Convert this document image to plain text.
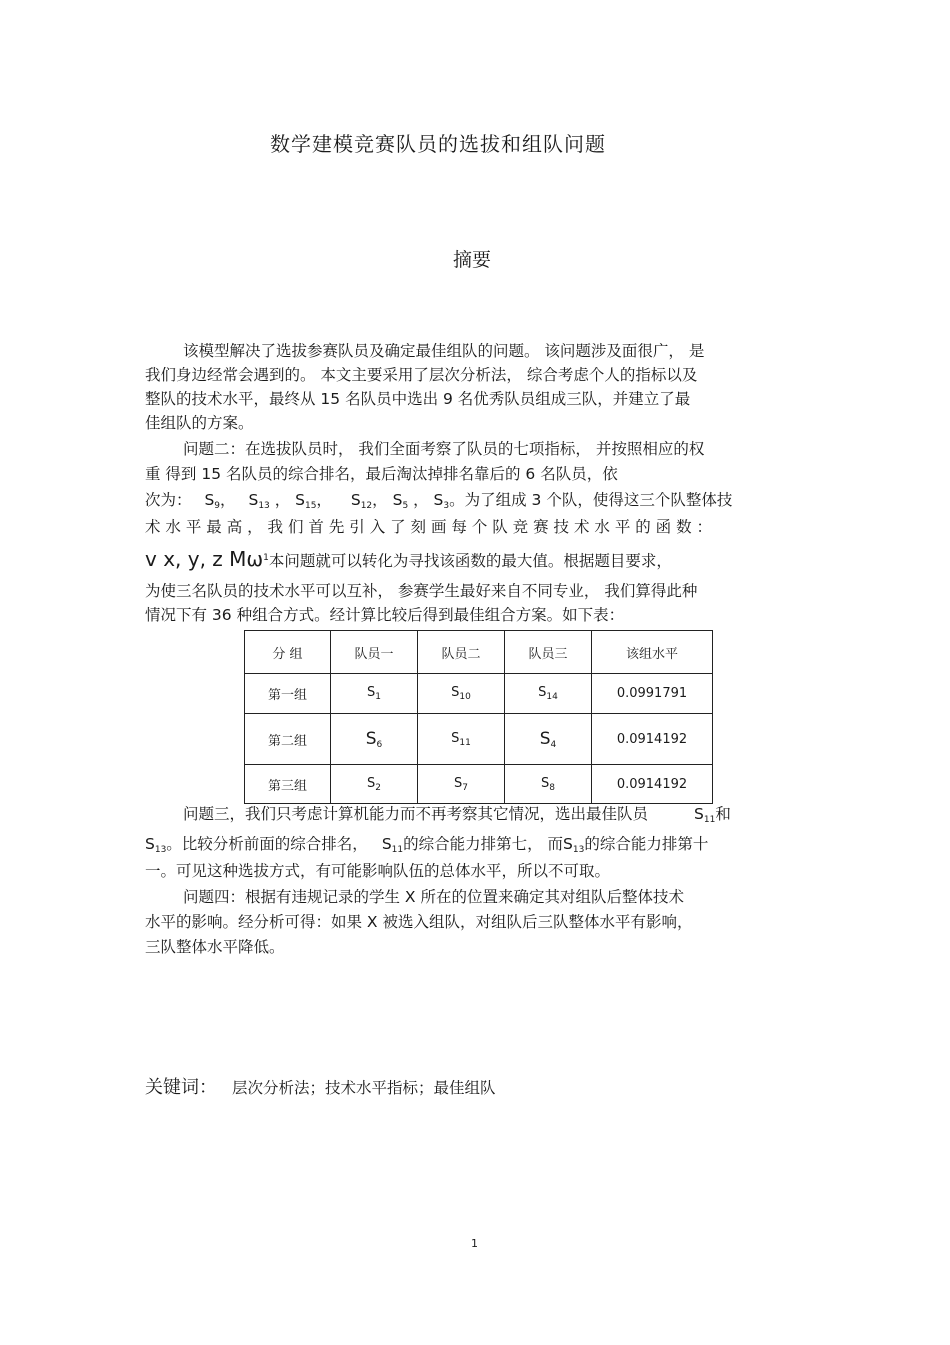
数学建模竞赛队员的选拔和组队问题
摘要
该模型解决了选拔参赛队员及确定最佳组队的问题。 该问题涉及面很广， 是
我们身边经常会遇到的。 本文主要采用了层次分析法， 综合考虑个人的指标以及
整队的技术水平，最终从 15 名队员中选出 9 名优秀队员组成三队，并建立了最
佳组队的方案。
问题二：在选拔队员时， 我们全面考察了队员的七项指标， 并按照相应的权
重 得到 15 名队员的综合排名，最后淘汰掉排名靠后的 6 名队员，依
次为： $S_9$， $S_{13}$ ， $S_{15}$， $S_{12}$， $S_5$ ， $S_3$。为了组成 3 个队，使得这三个队整体技
术 水 平 最 高 ， 我 们 首 先 引 入 了 刻 画 每 个 队 竞 赛 技 术 水 平 的 函 数 ：
v x, y, z $M\omega^1$本问题就可以转化为寻找该函数的最大值。根据题目要求，
为使三名队员的技术水平可以互补， 参赛学生最好来自不同专业， 我们算得此种
情况下有 36 种组合方式。经计算比较后得到最佳组合方案。如下表：
分 组	队员一	队员二	队员三	该组水平
第一组	$S_1$	$S_{10}$	$S_{14}$	0.0991791
第二组	$S_6$	$S_{11}$	$S_4$	0.0914192
第三组	$S_2$	$S_7$	$S_8$	0.0914192
问题三，我们只考虑计算机能力而不再考察其它情况，选出最佳队员	$S_{11}$和
$S_{13}$。比较分析前面的综合排名， $S_{11}$的综合能力排第七， 而$S_{13}$的综合能力排第十
一。可见这种选拔方式，有可能影响队伍的总体水平，所以不可取。
问题四：根据有违规记录的学生 X 所在的位置来确定其对组队后整体技术
水平的影响。经分析可得：如果 X 被选入组队，对组队后三队整体水平有影响，
三队整体水平降低。
关键词： 层次分析法；技术水平指标；最佳组队
1
